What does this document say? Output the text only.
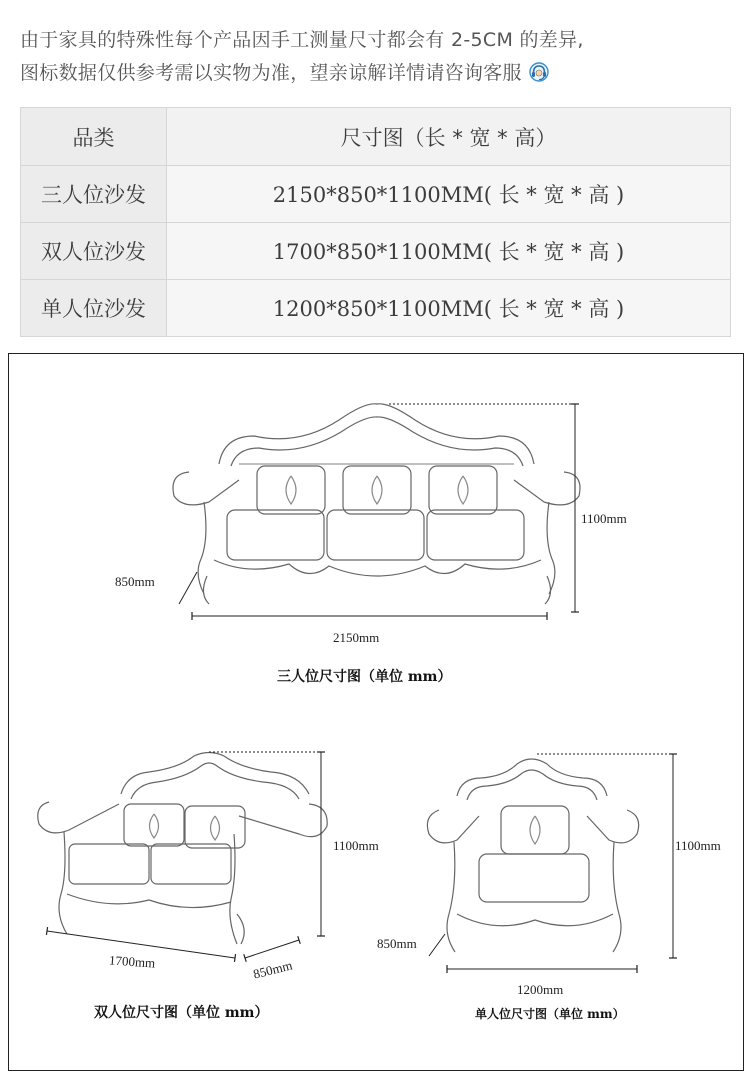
由于家具的特殊性每个产品因手工测量尺寸都会有 2-5CM 的差异,
图标数据仅供参考需以实物为准，望亲谅解详情请咨询客服
品类	尺寸图（长 * 宽 * 高）
三人位沙发	2150*850*1100MM( 长 * 宽 * 高 )
双人位沙发	1700*850*1100MM( 长 * 宽 * 高 )
单人位沙发	1200*850*1100MM( 长 * 宽 * 高 )
1100mm
850mm
2150mm
三人位尺寸图（单位 mm）
1100mm
1700mm	850mm
双人位尺寸图（单位 mm）
1100mm
850mm
1200mm
单人位尺寸图（单位 mm）
